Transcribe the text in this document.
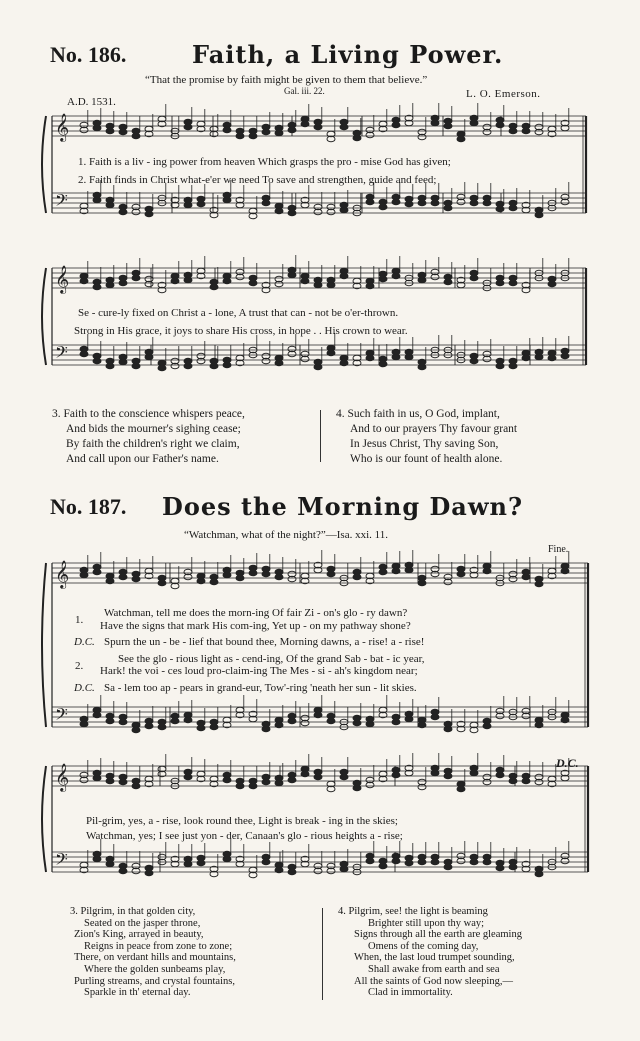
𝄞
𝄢
𝄞
𝄢
𝄞
𝄢
𝄞
𝄢
No. 186.	Faith, a Living Power.
“That the promise by faith might be given to them that believe.”
Gal. iii. 22.
A.D. 1531.
L. O. Emerson.
1. Faith is a liv - ing power from heaven Which grasps the pro - mise God has given;
2. Faith finds in Christ what-e'er we need To save and strengthen, guide and feed;
Se - cure-ly fixed on Christ a - lone, A trust that can - not be o'er-thrown.
Strong in His grace, it joys to share His cross, in hope . . His crown to wear.
3. Faith to the conscience whispers peace,
And bids the mourner's sighing cease;
By faith the children's right we claim,
And call upon our Father's name.
4. Such faith in us, O God, implant,
And to our prayers Thy favour grant
In Jesus Christ, Thy saving Son,
Who is our fount of health alone.
No. 187. Does the Morning Dawn?
“Watchman, what of the night?”—Isa. xxi. 11.
Fine.
1.
Watchman, tell me does the morn-ing Of fair Zi - on's glo - ry dawn?
Have the signs that mark His com-ing, Yet up - on my pathway shone?
D.C. Spurn the un - be - lief that bound thee, Morning dawns, a - rise! a - rise!
2.
See the glo - rious light as - cend-ing, Of the grand Sab - bat - ic year,
Hark! the voi - ces loud pro-claim-ing The Mes - si - ah's kingdom near;
D.C. Sa - lem too ap - pears in grand-eur, Tow'-ring 'neath her sun - lit skies.
D.C.
Pil-grim, yes, a - rise, look round thee, Light is break - ing in the skies;
Watchman, yes; I see just yon - der, Canaan's glo - rious heights a - rise;
3. Pilgrim, in that golden city,
Seated on the jasper throne,
Zion's King, arrayed in beauty,
Reigns in peace from zone to zone;
There, on verdant hills and mountains,
Where the golden sunbeams play,
Purling streams, and crystal fountains,
Sparkle in th' eternal day.
4. Pilgrim, see! the light is beaming
Brighter still upon thy way;
Signs through all the earth are gleaming
Omens of the coming day,
When, the last loud trumpet sounding,
Shall awake from earth and sea
All the saints of God now sleeping,—
Clad in immortality.
